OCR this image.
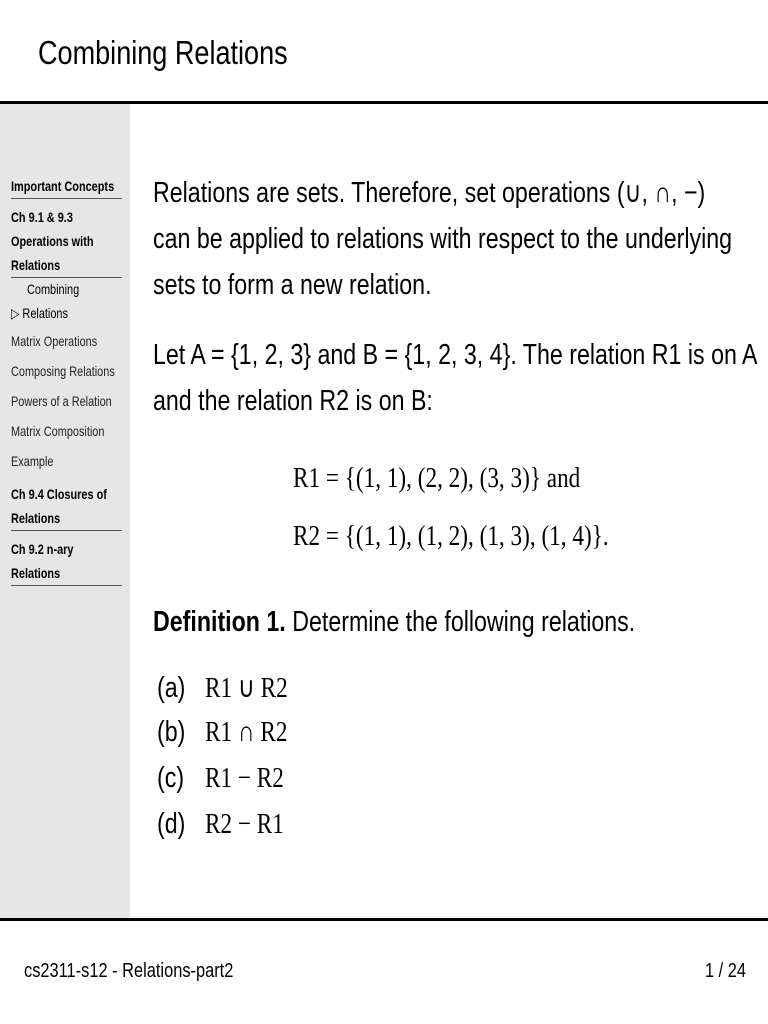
Combining Relations
Important Concepts
Ch 9.1 & 9.3
Operations with
Relations
Combining
▷ Relations
Matrix Operations
Composing Relations
Powers of a Relation
Matrix Composition
Example
Ch 9.4 Closures of
Relations
Ch 9.2 n-ary
Relations
Relations are sets. Therefore, set operations (∪, ∩, −) can be applied to relations with respect to the underlying sets to form a new relation.
Let A = {1, 2, 3} and B = {1, 2, 3, 4}. The relation R1 is on A
and the relation R2 is on B:
R1 = {(1, 1), (2, 2), (3, 3)} and
R2 = {(1, 1), (1, 2), (1, 3), (1, 4)}.
Definition 1. Determine the following relations.
(a) R1 ∪ R2
(b) R1 ∩ R2
(c) R1 − R2
(d) R2 − R1
cs2311-s12 - Relations-part2	1 / 24
